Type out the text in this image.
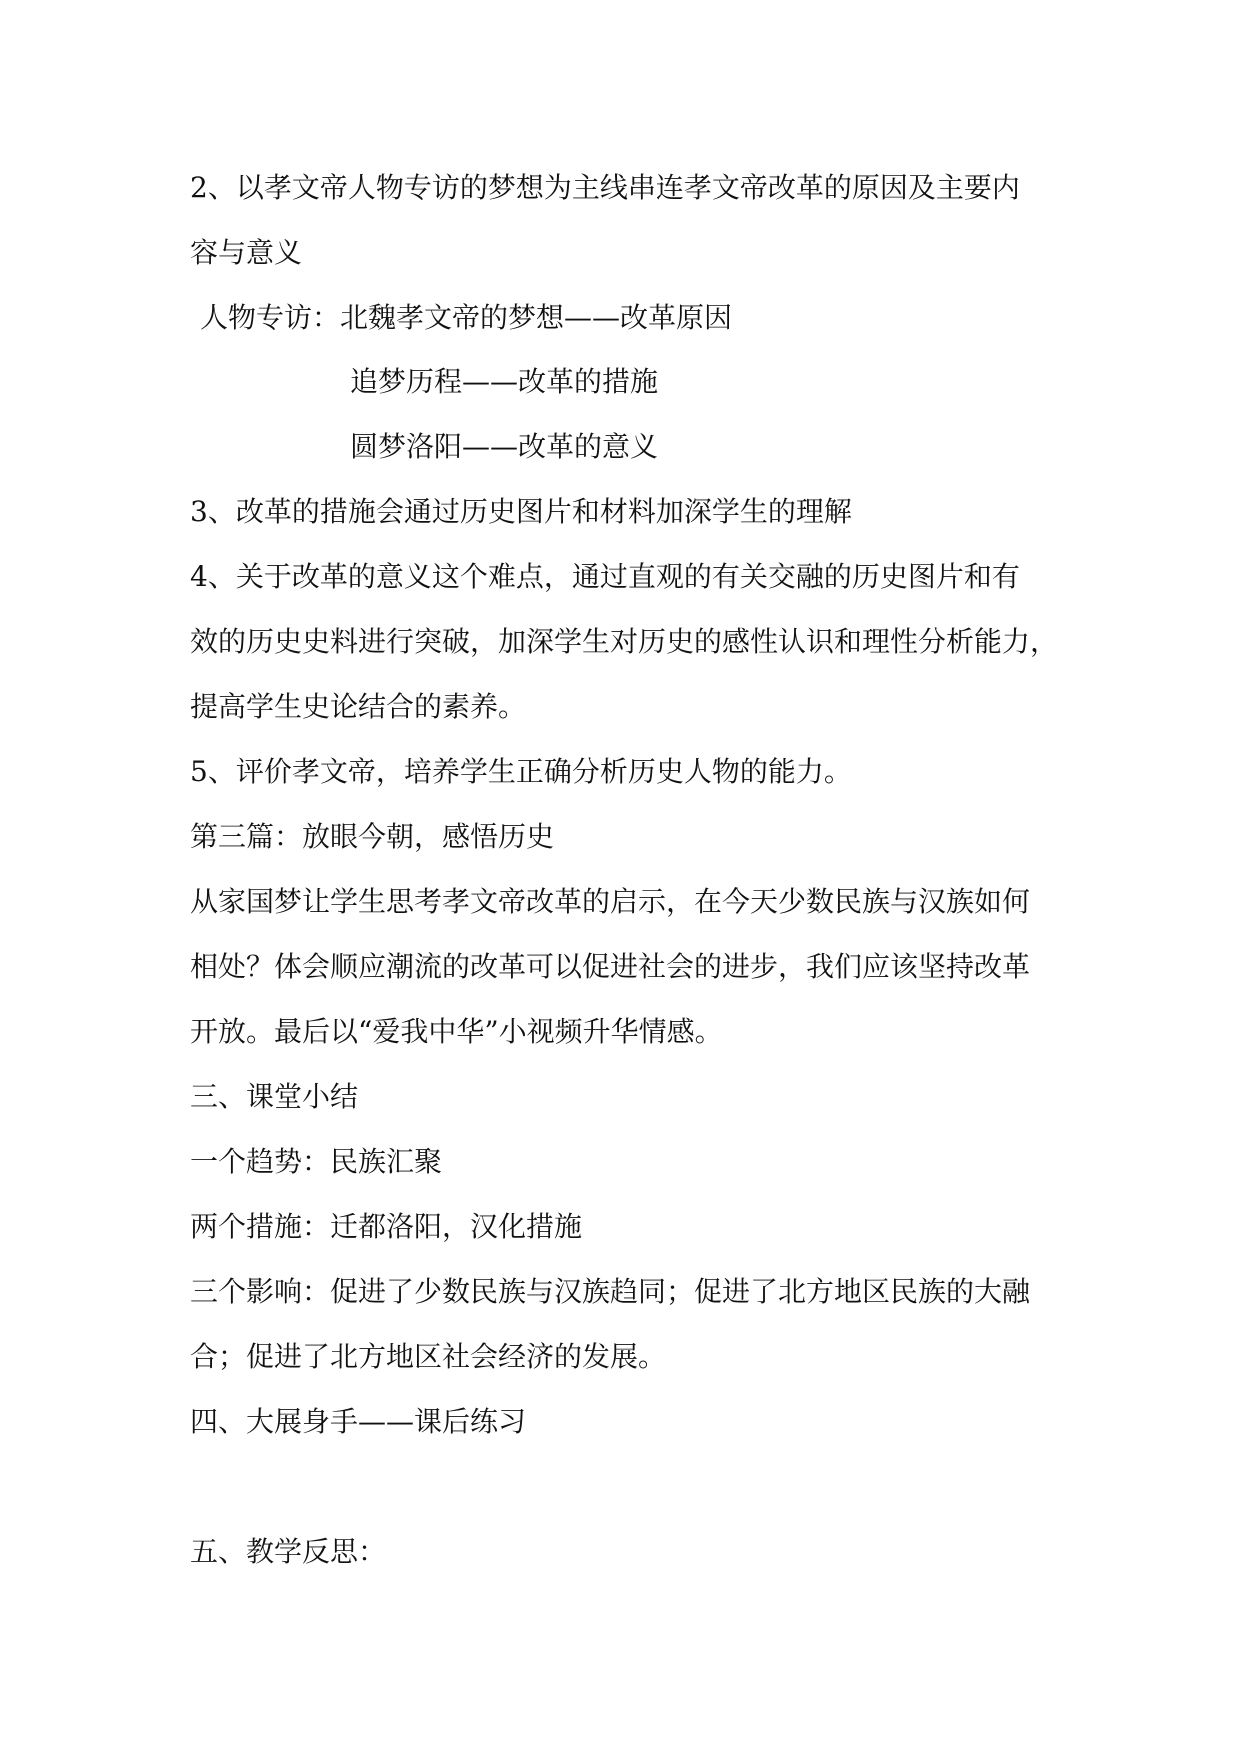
2、以孝文帝人物专访的梦想为主线串连孝文帝改革的原因及主要内
容与意义
人物专访：北魏孝文帝的梦想——改革原因
追梦历程——改革的措施
圆梦洛阳——改革的意义
3、改革的措施会通过历史图片和材料加深学生的理解
4、关于改革的意义这个难点，通过直观的有关交融的历史图片和有
效的历史史料进行突破，加深学生对历史的感性认识和理性分析能力，
提高学生史论结合的素养。
5、评价孝文帝，培养学生正确分析历史人物的能力。
第三篇：放眼今朝，感悟历史
从家国梦让学生思考孝文帝改革的启示，在今天少数民族与汉族如何
相处？体会顺应潮流的改革可以促进社会的进步，我们应该坚持改革
开放。最后以“爱我中华”小视频升华情感。
三、课堂小结
一个趋势：民族汇聚
两个措施：迁都洛阳，汉化措施
三个影响：促进了少数民族与汉族趋同；促进了北方地区民族的大融
合；促进了北方地区社会经济的发展。
四、大展身手——课后练习
五、教学反思：
